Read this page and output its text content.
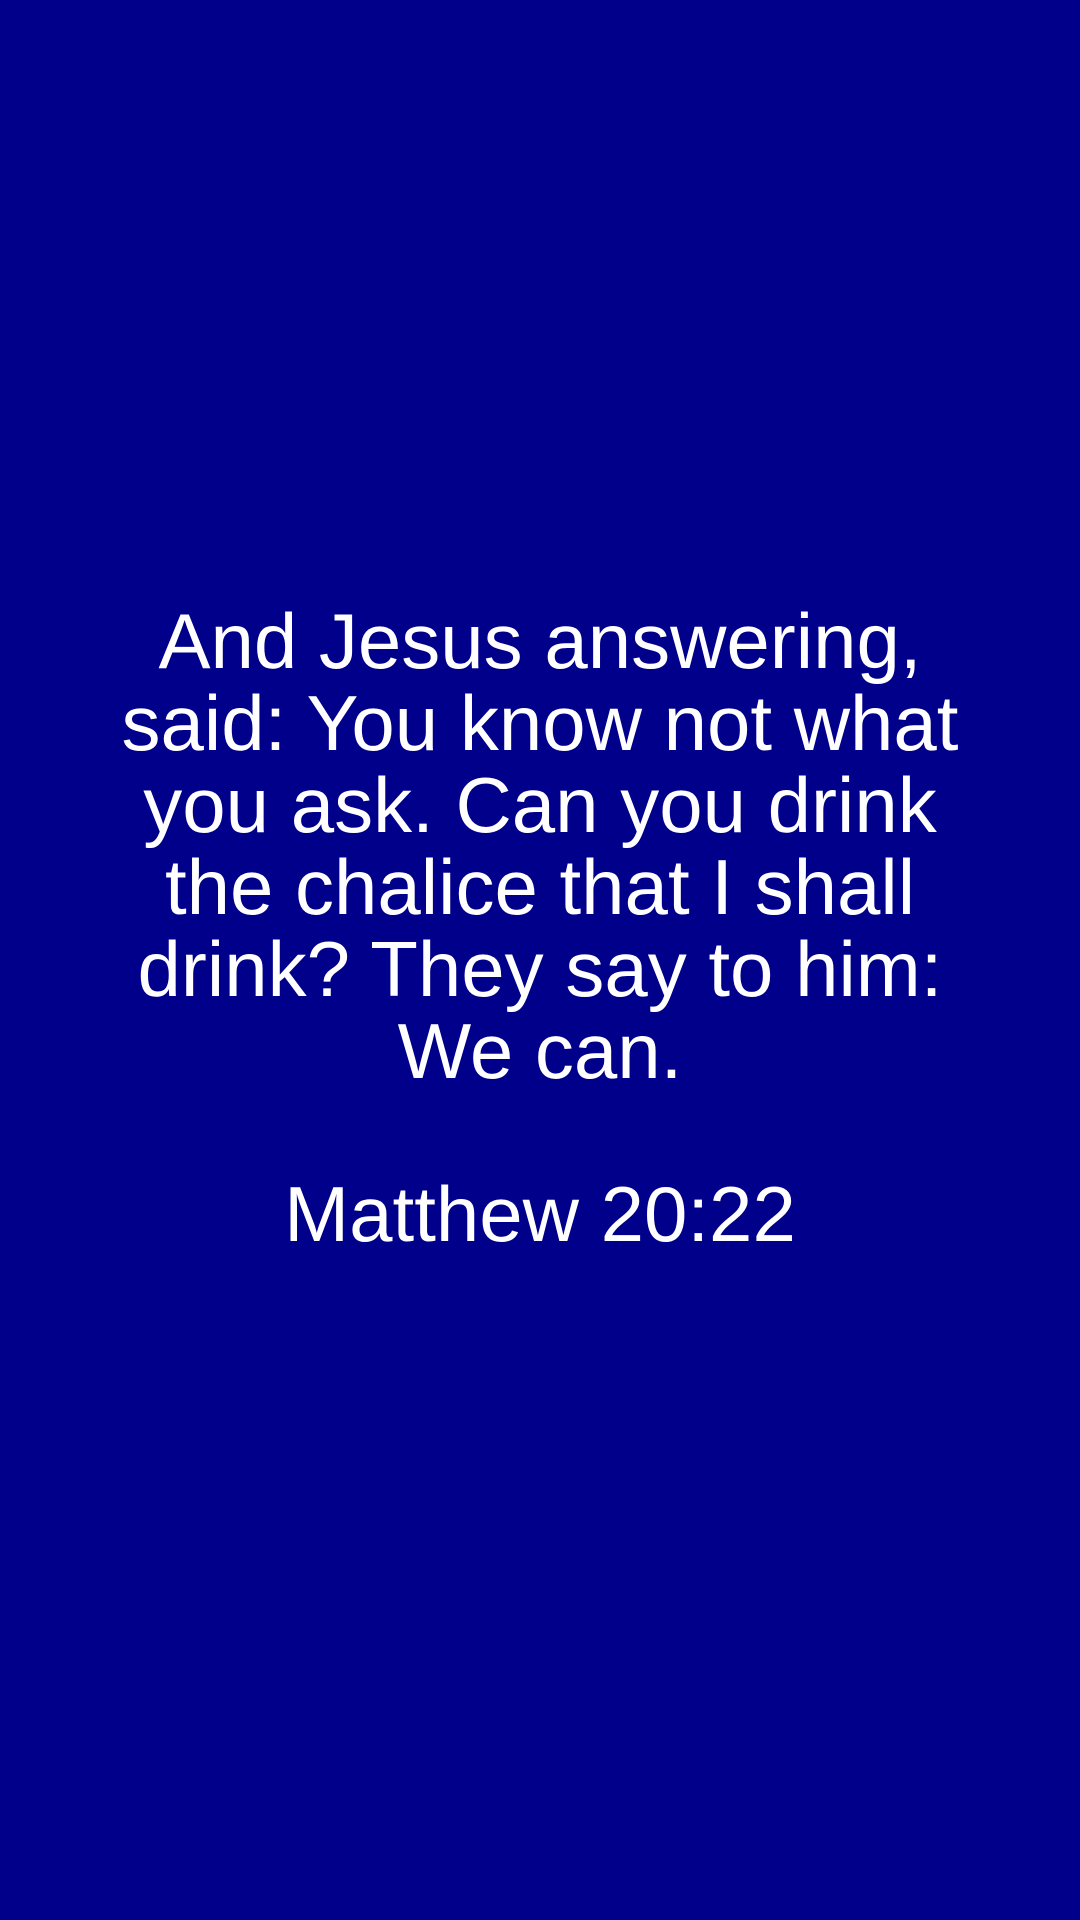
And Jesus answering,
said: You know not what
you ask. Can you drink
the chalice that I shall
drink? They say to him:
We can.

Matthew 20:22
